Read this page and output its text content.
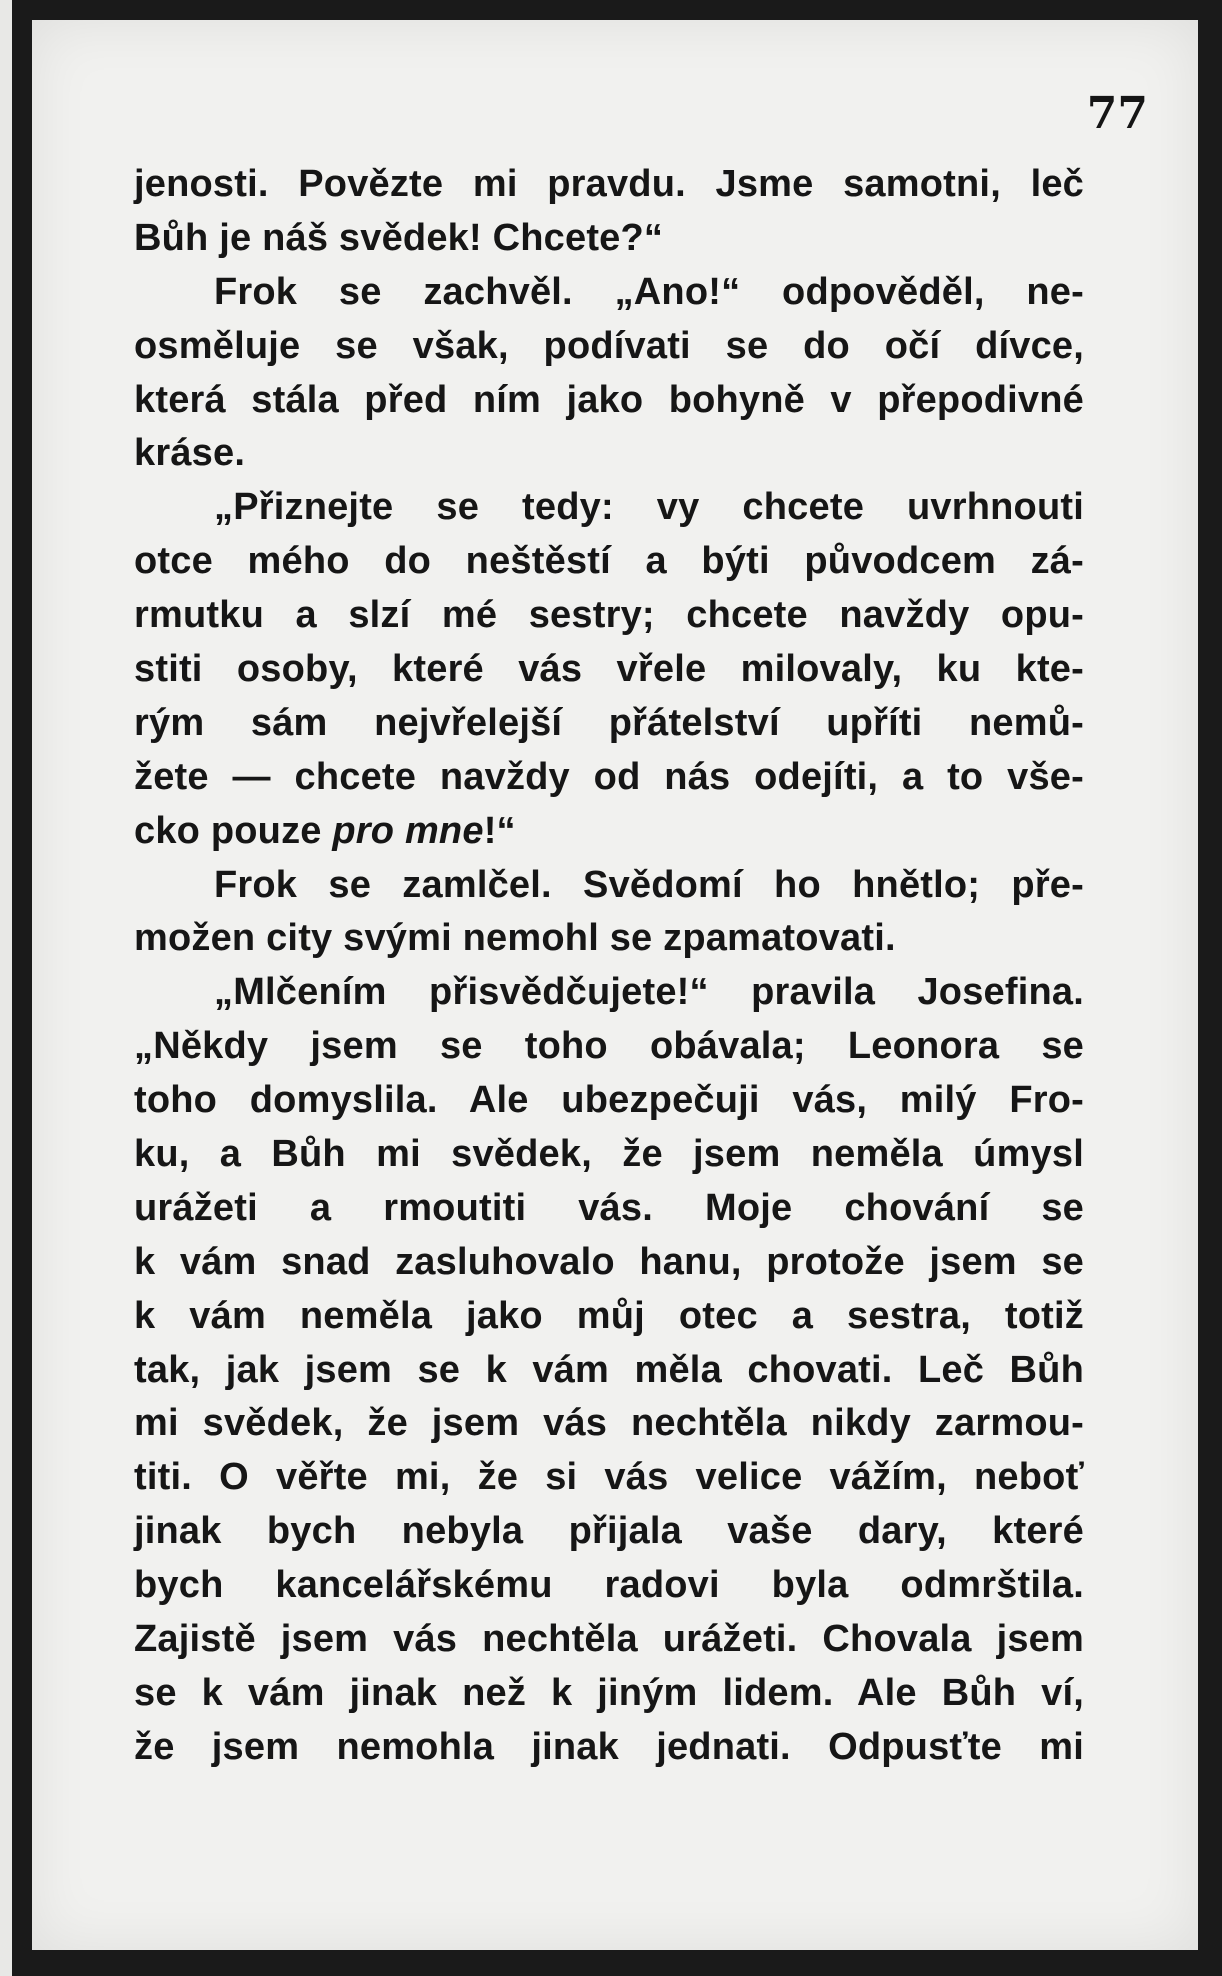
77
jenosti. Povězte mi pravdu. Jsme samotni, leč
Bůh je náš svědek! Chcete?“
Frok se zachvěl. „Ano!“ odpověděl, ne-
osměluje se však, podívati se do očí dívce,
která stála před ním jako bohyně v přepodivné
kráse.
„Přiznejte se tedy: vy chcete uvrhnouti
otce mého do neštěstí a býti původcem zá-
rmutku a slzí mé sestry; chcete navždy opu-
stiti osoby, které vás vřele milovaly, ku kte-
rým sám nejvřelejší přátelství upříti nemů-
žete — chcete navždy od nás odejíti, a to vše-
cko pouze pro mne!“
Frok se zamlčel. Svědomí ho hnětlo; pře-
možen city svými nemohl se zpamatovati.
„Mlčením přisvědčujete!“ pravila Josefina.
„Někdy jsem se toho obávala; Leonora se
toho domyslila. Ale ubezpečuji vás, milý Fro-
ku, a Bůh mi svědek, že jsem neměla úmysl
urážeti a rmoutiti vás. Moje chování se
k vám snad zasluhovalo hanu, protože jsem se
k vám neměla jako můj otec a sestra, totiž
tak, jak jsem se k vám měla chovati. Leč Bůh
mi svědek, že jsem vás nechtěla nikdy zarmou-
titi. O věřte mi, že si vás velice vážím, neboť
jinak bych nebyla přijala vaše dary, které
bych kancelářskému radovi byla odmrštila.
Zajistě jsem vás nechtěla urážeti. Chovala jsem
se k vám jinak než k jiným lidem. Ale Bůh ví,
že jsem nemohla jinak jednati. Odpusťte mi
